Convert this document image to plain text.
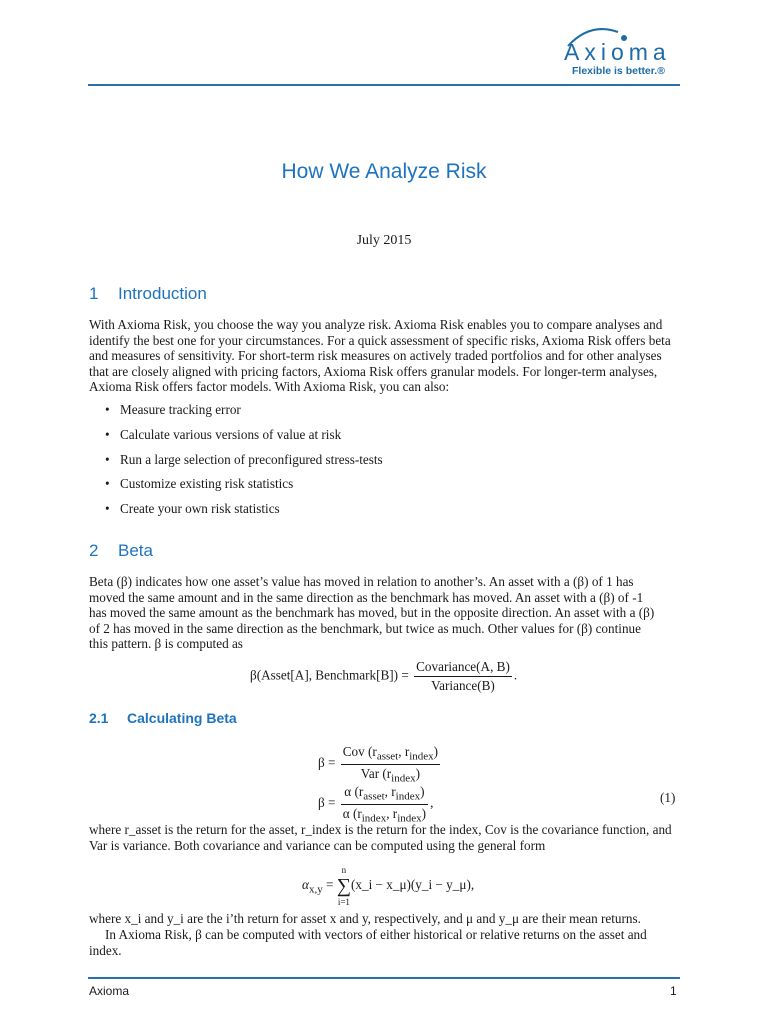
Axioma
Flexible is better.®
How We Analyze Risk
July 2015
1 Introduction
With Axioma Risk, you choose the way you analyze risk. Axioma Risk enables you to compare analyses and
identify the best one for your circumstances. For a quick assessment of specific risks, Axioma Risk offers beta
and measures of sensitivity. For short-term risk measures on actively traded portfolios and for other analyses
that are closely aligned with pricing factors, Axioma Risk offers granular models. For longer-term analyses,
Axioma Risk offers factor models. With Axioma Risk, you can also:
• Measure tracking error
• Calculate various versions of value at risk
• Run a large selection of preconfigured stress-tests
• Customize existing risk statistics
• Create your own risk statistics
2 Beta
Beta (β) indicates how one asset’s value has moved in relation to another’s. An asset with a (β) of 1 has
moved the same amount and in the same direction as the benchmark has moved. An asset with a (β) of -1
has moved the same amount as the benchmark has moved, but in the opposite direction. An asset with a (β)
of 2 has moved in the same direction as the benchmark, but twice as much. Other values for (β) continue
this pattern. β is computed as
β(Asset[A], Benchmark[B]) = $\frac{\text{Covariance(A, B)}}{\text{Variance(B)}}$ .
2.1 Calculating Beta
$\beta = \frac{Cov (r_{asset}, r_{index})}{Var (r_{index})}$
$\beta = \frac{\alpha (r_{asset}, r_{index})}{\alpha (r_{index}, r_{index})}$ ,	(1)
where r_asset is the return for the asset, r_index is the return for the index, Cov is the covariance function, and
Var is variance. Both covariance and variance can be computed using the general form
$\alpha_{x,y}$ =
n
∑
i=1
(x_i − x_μ)(y_i − y_μ),
where x_i and y_i are the i’th return for asset x and y, respectively, and μ and y_μ are their mean returns.
In Axioma Risk, β can be computed with vectors of either historical or relative returns on the asset and
index.
Axioma	1
